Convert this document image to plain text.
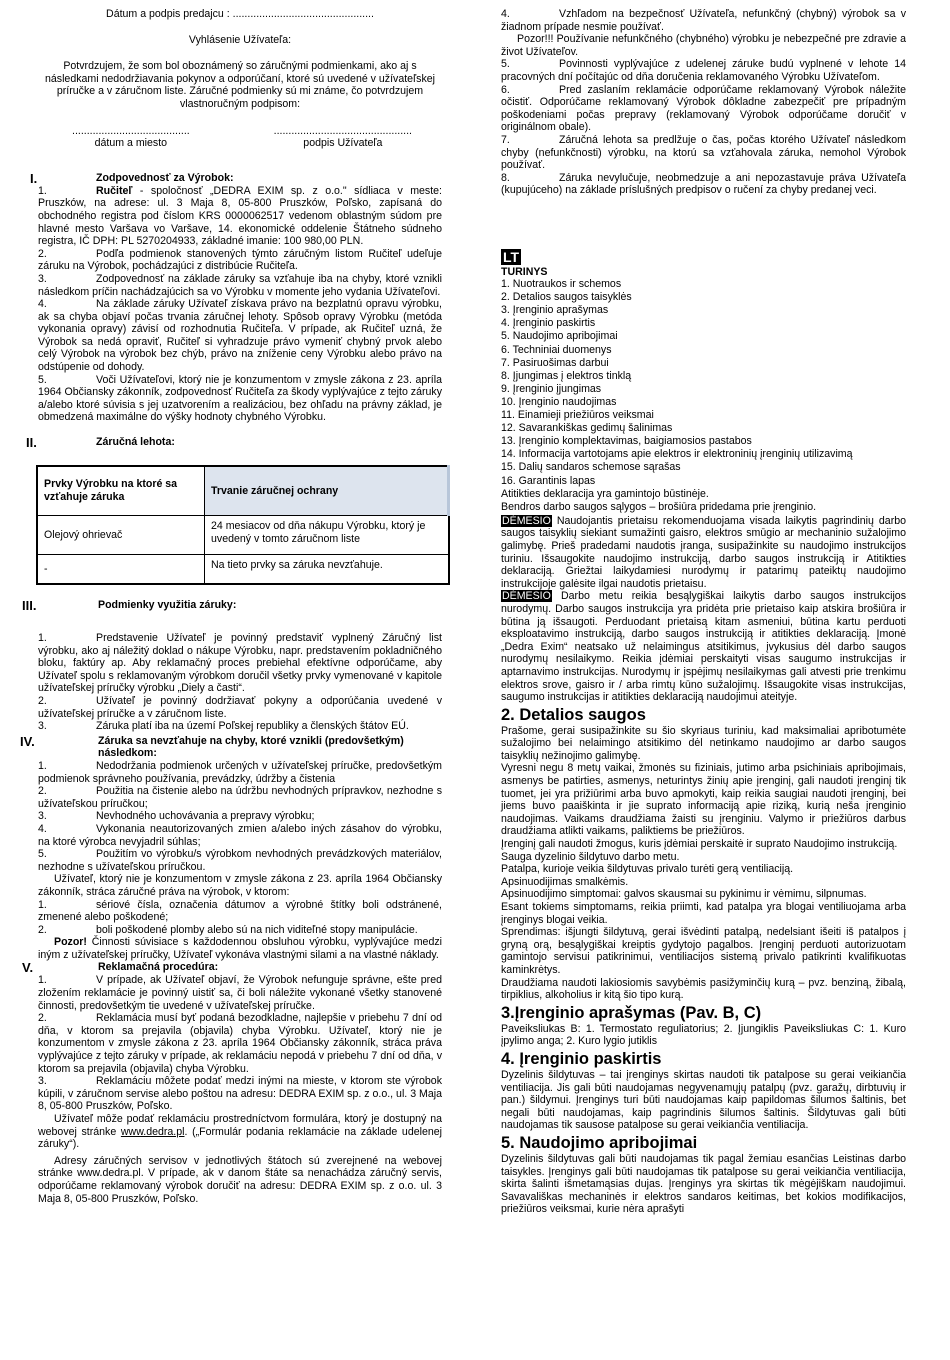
Dátum a podpis predajcu : ................................................

Vyhlásenie Užívateľa:

Potvrdzujem, že som bol oboznámený so záručnými podmienkami, ako aj s následkami nedodržiavania pokynov a odporúčaní, ktoré sú uvedené v užívateľskej príručke a v záručnom liste. Záručné podmienky sú mi známe, čo potvrdzujem vlastnoručným podpisom:

........................................
dátum a miesto
...............................................
podpis Užívateľa
I.	Zodpovednosť za Výrobok:

1.	Ručiteľ - spoločnosť „DEDRA EXIM sp. z o.o." sídliaca v meste: Pruszków, na adrese: ul. 3 Maja 8, 05-800 Pruszków, Poľsko, zapísaná do obchodného registra pod číslom KRS 0000062517 vedenom oblastným súdom pre hlavné mesto Varšava vo Varšave, 14. ekonomické oddelenie Štátneho súdneho registra, IČ DPH: PL 5270204933, základné imanie: 100 980,00 PLN.

2.	Podľa podmienok stanovených týmto záručným listom Ručiteľ udeľuje záruku na Výrobok, pochádzajúci z distribúcie Ručiteľa.

3.	Zodpovednosť na základe záruky sa vzťahuje iba na chyby, ktoré vznikli následkom príčin nachádzajúcich sa vo Výrobku v momente jeho vydania Užívateľovi.

4.	Na základe záruky Užívateľ získava právo na bezplatnú opravu výrobku, ak sa chyba objaví počas trvania záručnej lehoty. Spôsob opravy Výrobku (metóda vykonania opravy) závisí od rozhodnutia Ručiteľa. V prípade, ak Ručiteľ uzná, že Výrobok sa nedá opraviť, Ručiteľ si vyhradzuje právo vymeniť chybný prvok alebo celý Výrobok na výrobok bez chýb, právo na zníženie ceny Výrobku alebo právo na odstúpenie od dohody.

5.	Voči Užívateľovi, ktorý nie je konzumentom v zmysle zákona z 23. apríla 1964 Občiansky zákonník, zodpovednosť Ručiteľa za škody vyplývajúce z tejto záruky a/alebo ktoré súvisia s jej uzatvorením a realizáciou, bez ohľadu na právny základ, je obmedzená maximálne do výšky hodnoty chybného Výrobku.

II.	Záručná lehota:
Prvky Výrobku na ktoré sa vzťahuje záruka	Trvanie záručnej ochrany
Olejový ohrievač	24 mesiacov od dňa nákupu Výrobku, ktorý je uvedený v tomto záručnom liste
-	Na tieto prvky sa záruka nevzťahuje.
III.	Podmienky využitia záruky:

1.	Predstavenie Užívateľ je povinný predstaviť vyplnený Záručný list výrobku, ako aj náležitý doklad o nákupe Výrobku, napr. predstavením pokladničného bloku, faktúry ap. Aby reklamačný proces prebiehal efektívne odporúčame, aby Užívateľ spolu s reklamovaným výrobkom doručil všetky prvky vymenované v kapitole užívateľskej príručky výrobku „Diely a časti“.

2.	Užívateľ je povinný dodržiavať pokyny a odporúčania uvedené v užívateľskej príručke a v záručnom liste.

3.	Záruka platí iba na území Poľskej republiky a členských štátov EÚ.

IV.	Záruka sa nevzťahuje na chyby, ktoré vznikli (predovšetkým) následkom:

1.	Nedodržania podmienok určených v užívateľskej príručke, predovšetkým podmienok správneho používania, prevádzky, údržby a čistenia

2.	Použitia na čistenie alebo na údržbu nevhodných prípravkov, nezhodne s užívateľskou príručkou;

3.	Nevhodného uchovávania a prepravy výrobku;

4.	Vykonania neautorizovaných zmien a/alebo iných zásahov do výrobku, na ktoré výrobca nevyjadril súhlas;

5.	Použitím vo výrobku/s výrobkom nevhodných prevádzkových materiálov, nezhodne s užívateľskou príručkou.

Užívateľ, ktorý nie je konzumentom v zmysle zákona z 23. apríla 1964 Občiansky zákonník, stráca záručné práva na výrobok, v ktorom:

1.	sériové čísla, označenia dátumov a výrobné štítky boli odstránené, zmenené alebo poškodené;

2.	boli poškodené plomby alebo sú na nich viditeľné stopy manipulácie.

Pozor! Činnosti súvisiace s každodennou obsluhou výrobku, vyplývajúce medzi iným z užívateľskej príručky, Užívateľ vykonáva vlastnými silami a na vlastné náklady.

V.	Reklamačná procedúra:

1.	V prípade, ak Užívateľ objaví, že Výrobok nefunguje správne, ešte pred zložením reklamácie je povinný uistiť sa, či boli náležite vykonané všetky stanovené činnosti, predovšetkým tie uvedené v užívateľskej príručke.

2.	Reklamácia musí byť podaná bezodkladne, najlepšie v priebehu 7 dní od dňa, v ktorom sa prejavila (objavila) chyba Výrobku. Užívateľ, ktorý nie je konzumentom v zmysle zákona z 23. apríla 1964 Občiansky zákonník, stráca práva vyplývajúce z tejto záruky v prípade, ak reklamáciu nepodá v priebehu 7 dní od dňa, v ktorom sa prejavila (objavila) chyba Výrobku.

3.	Reklamáciu môžete podať medzi inými na mieste, v ktorom ste výrobok kúpili, v záručnom servise alebo poštou na adresu: DEDRA EXIM sp. z o.o., ul. 3 Maja 8, 05-800 Pruszków, Poľsko.

Užívateľ môže podať reklamáciu prostredníctvom formulára, ktorý je dostupný na webovej stránke www.dedra.pl. („Formulár podania reklamácie na základe udelenej záruky“).

Adresy záručných servisov v jednotlivých štátoch sú zverejnené na webovej stránke www.dedra.pl. V prípade, ak v danom štáte sa nenachádza záručný servis, odporúčame reklamovaný výrobok doručiť na adresu: DEDRA EXIM sp. z o.o. ul. 3 Maja 8, 05-800 Pruszków, Poľsko.

4.	Vzhľadom na bezpečnosť Užívateľa, nefunkčný (chybný) výrobok sa v žiadnom prípade nesmie používať.

Pozor!!! Používanie nefunkčného (chybného) výrobku je nebezpečné pre zdravie a život Užívateľov.

5.	Povinnosti vyplývajúce z udelenej záruke budú vyplnené v lehote 14 pracovných dní počítajúc od dňa doručenia reklamovaného Výrobku Užívateľom.

6.	Pred zaslaním reklamácie odporúčame reklamovaný Výrobok náležite očistiť. Odporúčame reklamovaný Výrobok dôkladne zabezpečiť pre prípadným poškodeniami počas prepravy (reklamovaný Výrobok odporúčame doručiť v originálnom obale).

7.	Záručná lehota sa predlžuje o čas, počas ktorého Užívateľ následkom chyby (nefunkčnosti) výrobku, na ktorú sa vzťahovala záruka, nemohol Výrobok používať.

8.	Záruka nevylučuje, neobmedzuje a ani nepozastavuje práva Užívateľa (kupujúceho) na základe príslušných predpisov o ručení za chyby predanej veci.

LT

TURINYS

1. Nuotraukos ir schemos

2. Detalios saugos taisyklės

3. Įrenginio aprašymas

4. Įrenginio paskirtis

5. Naudojimo apribojimai

6. Techniniai duomenys

7. Pasiruošimas darbui

8. Įjungimas į elektros tinklą

9. Įrenginio įjungimas

10. Įrenginio naudojimas

11. Einamieji priežiūros veiksmai

12. Savarankiškas gedimų šalinimas

13. Įrenginio komplektavimas, baigiamosios pastabos

14. Informacija vartotojams apie elektros ir elektroninių įrenginių utilizavimą

15. Dalių sandaros schemose sąrašas

16. Garantinis lapas

Atitikties deklaracija yra gamintojo būstinėje.

Bendros darbo saugos sąlygos – brošiūra pridedama prie įrenginio.

DĖMESIO Naudojantis prietaisu rekomenduojama visada laikytis pagrindinių darbo saugos taisyklių siekiant sumažinti gaisro, elektros smūgio ar mechaninio sužalojimo galimybę. Prieš pradedami naudotis įranga, susipažinkite su naudojimo instrukcijos turiniu. Išsaugokite naudojimo instrukciją, darbo saugos instrukciją ir Atitikties deklaraciją. Griežtai laikydamiesi nurodymų ir patarimų pateiktų naudojimo instrukcijoje galėsite ilgai naudotis prietaisu.

DĖMESIO Darbo metu reikia besąlygiškai laikytis darbo saugos instrukcijos nurodymų. Darbo saugos instrukcija yra pridėta prie prietaiso kaip atskira brošiūra ir būtina ją išsaugoti. Perduodant prietaisą kitam asmeniui, būtina kartu perduoti eksploatavimo instrukciją, darbo saugos instrukciją ir atitikties deklaraciją. Įmonė „Dedra Exim“ neatsako už nelaimingus atsitikimus, įvykusius dėl darbo saugos nurodymų nesilaikymo. Reikia įdėmiai perskaityti visas saugumo instrukcijas ir aptarnavimo instrukcijas. Nurodymų ir įspėjimų nesilaikymas gali atvesti prie trenkimu elektros srove, gaisro ir / arba rimtų kūno sužalojimų. Išsaugokite visas instrukcijas, saugumo instrukcijas ir atitikties deklaraciją naudojimui ateityje.

2. Detalios saugos

Prašome, gerai susipažinkite su šio skyriaus turiniu, kad maksimaliai apribotumėte sužalojimo bei nelaimingo atsitikimo dėl netinkamo naudojimo ar darbo saugos taisyklių nežinojimo galimybę.

Vyresni negu 8 metų vaikai, žmonės su fiziniais, jutimo arba psichiniais apribojimais, asmenys be patirties, asmenys, neturintys žinių apie įrenginį, gali naudoti įrenginį tik tuomet, jei yra prižiūrimi arba buvo apmokyti, kaip reikia saugiai naudoti įrenginį, bei jiems buvo paaiškinta ir jie supratо informaciją apie riziką, kurią neša įrenginio naudojimas. Vaikams draudžiama žaisti su įrenginiu. Valymo ir priežiūros darbus draudžiama atlikti vaikams, paliktiems be priežiūros.

Įrenginį gali naudoti žmogus, kuris įdėmiai perskaitė ir suprato Naudojimo instrukciją.

Sauga dyzelinio šildytuvo darbo metu.

Patalpa, kurioje veikia šildytuvas privalo turėti gerą ventiliaciją.

Apsinuodijimas smalkėmis.

Apsinuodijimo simptomai: galvos skausmai su pykinimu ir vėmimu, silpnumas.

Esant tokiems simptomams, reikia priimti, kad patalpa yra blogai ventiliuojama arba įrenginys blogai veikia.

Sprendimas: išjungti šildytuvą, gerai išvėdinti patalpą, nedelsiant išeiti iš patalpos į gryną orą, besąlygiškai kreiptis gydytojo pagalbos. Įrenginį perduoti autorizuotam gamintojo servisui patikrinimui, ventiliacijos sistemą privalo patikrinti kvalifikuotas kaminkrėtys.

Draudžiama naudoti lakiosiomis savybėmis pasižyminčių kurą – pvz. benziną, žibalą, tirpiklius, alkoholius ir kitą šio tipo kurą.

3.Įrenginio aprašymas (Pav. B, C)

Paveiksliukas B: 1. Termostato reguliatorius; 2. Įjungiklis Paveiksliukas C: 1. Kuro įpylimo anga; 2. Kuro lygio jutiklis

4. Įrenginio paskirtis

Dyzelinis šildytuvas – tai įrenginys skirtas naudoti tik patalpose su gerai veikiančia ventiliacija. Jis gali būti naudojamas negyvenamųjų patalpų (pvz. garažų, dirbtuvių ir pan.) šildymui. Įrenginys turi būti naudojamas kaip papildomas šilumos šaltinis, bet negali būti naudojamas, kaip pagrindinis šilumos šaltinis. Šildytuvas gali būti naudojamas tik sausose patalpose su gerai veikiančia ventiliacija.

5. Naudojimo apribojimai

Dyzelinis šildytuvas gali būti naudojamas tik pagal žemiau esančias Leistinas darbo taisykles. Įrenginys gali būti naudojamas tik patalpose su gerai veikiančia ventiliacija, skirta šalinti išmetamąsias dujas. Įrenginys yra skirtas tik mėgėjiškam naudojimui. Savavališkas mechaninės ir elektros sandaros keitimas, bet kokios modifikacijos, priežiūros veiksmai, kurie nėra aprašyti
